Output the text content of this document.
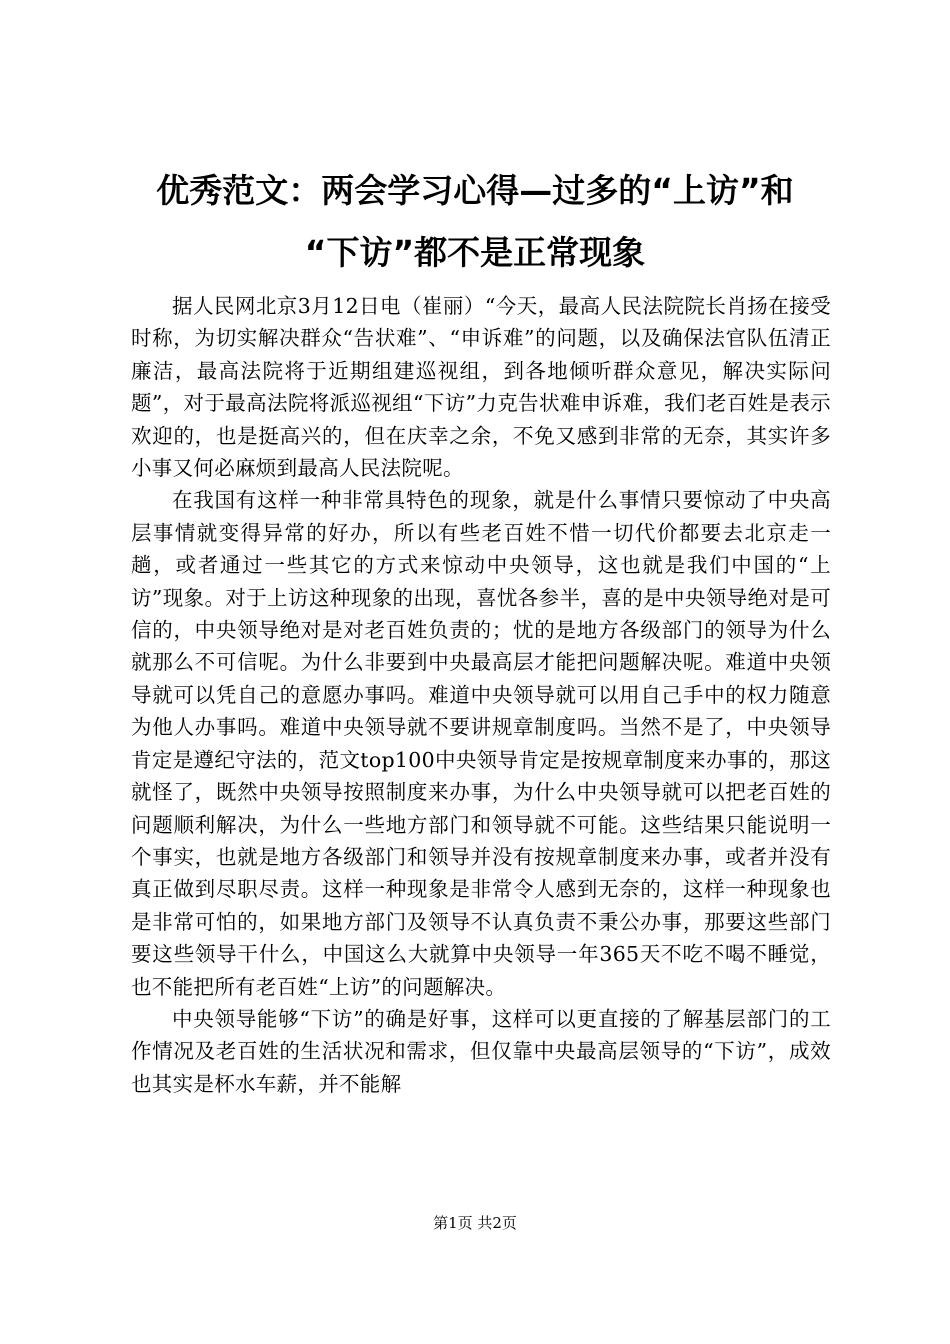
优秀范文：两会学习心得—过多的“上访”和
“下访”都不是正常现象

据人民网北京3月12日电（崔丽）“今天，最高人民法院院长肖扬在接受时称，为切实解决群众“告状难”、“申诉难”的问题，以及确保法官队伍清正廉洁，最高法院将于近期组建巡视组，到各地倾听群众意见，解决实际问题”，对于最高法院将派巡视组“下访”力克告状难申诉难，我们老百姓是表示欢迎的，也是挺高兴的，但在庆幸之余，不免又感到非常的无奈，其实许多小事又何必麻烦到最高人民法院呢。

在我国有这样一种非常具特色的现象，就是什么事情只要惊动了中央高层事情就变得异常的好办，所以有些老百姓不惜一切代价都要去北京走一趟，或者通过一些其它的方式来惊动中央领导，这也就是我们中国的“上访”现象。对于上访这种现象的出现，喜忧各参半，喜的是中央领导绝对是可信的，中央领导绝对是对老百姓负责的；忧的是地方各级部门的领导为什么就那么不可信呢。为什么非要到中央最高层才能把问题解决呢。难道中央领导就可以凭自己的意愿办事吗。难道中央领导就可以用自己手中的权力随意为他人办事吗。难道中央领导就不要讲规章制度吗。当然不是了，中央领导肯定是遵纪守法的，范文top100中央领导肯定是按规章制度来办事的，那这就怪了，既然中央领导按照制度来办事，为什么中央领导就可以把老百姓的问题顺利解决，为什么一些地方部门和领导就不可能。这些结果只能说明一个事实，也就是地方各级部门和领导并没有按规章制度来办事，或者并没有真正做到尽职尽责。这样一种现象是非常令人感到无奈的，这样一种现象也是非常可怕的，如果地方部门及领导不认真负责不秉公办事，那要这些部门要这些领导干什么，中国这么大就算中央领导一年365天不吃不喝不睡觉，也不能把所有老百姓“上访”的问题解决。

中央领导能够“下访”的确是好事，这样可以更直接的了解基层部门的工作情况及老百姓的生活状况和需求，但仅靠中央最高层领导的“下访”，成效也其实是杯水车薪，并不能解

第1页 共2页
